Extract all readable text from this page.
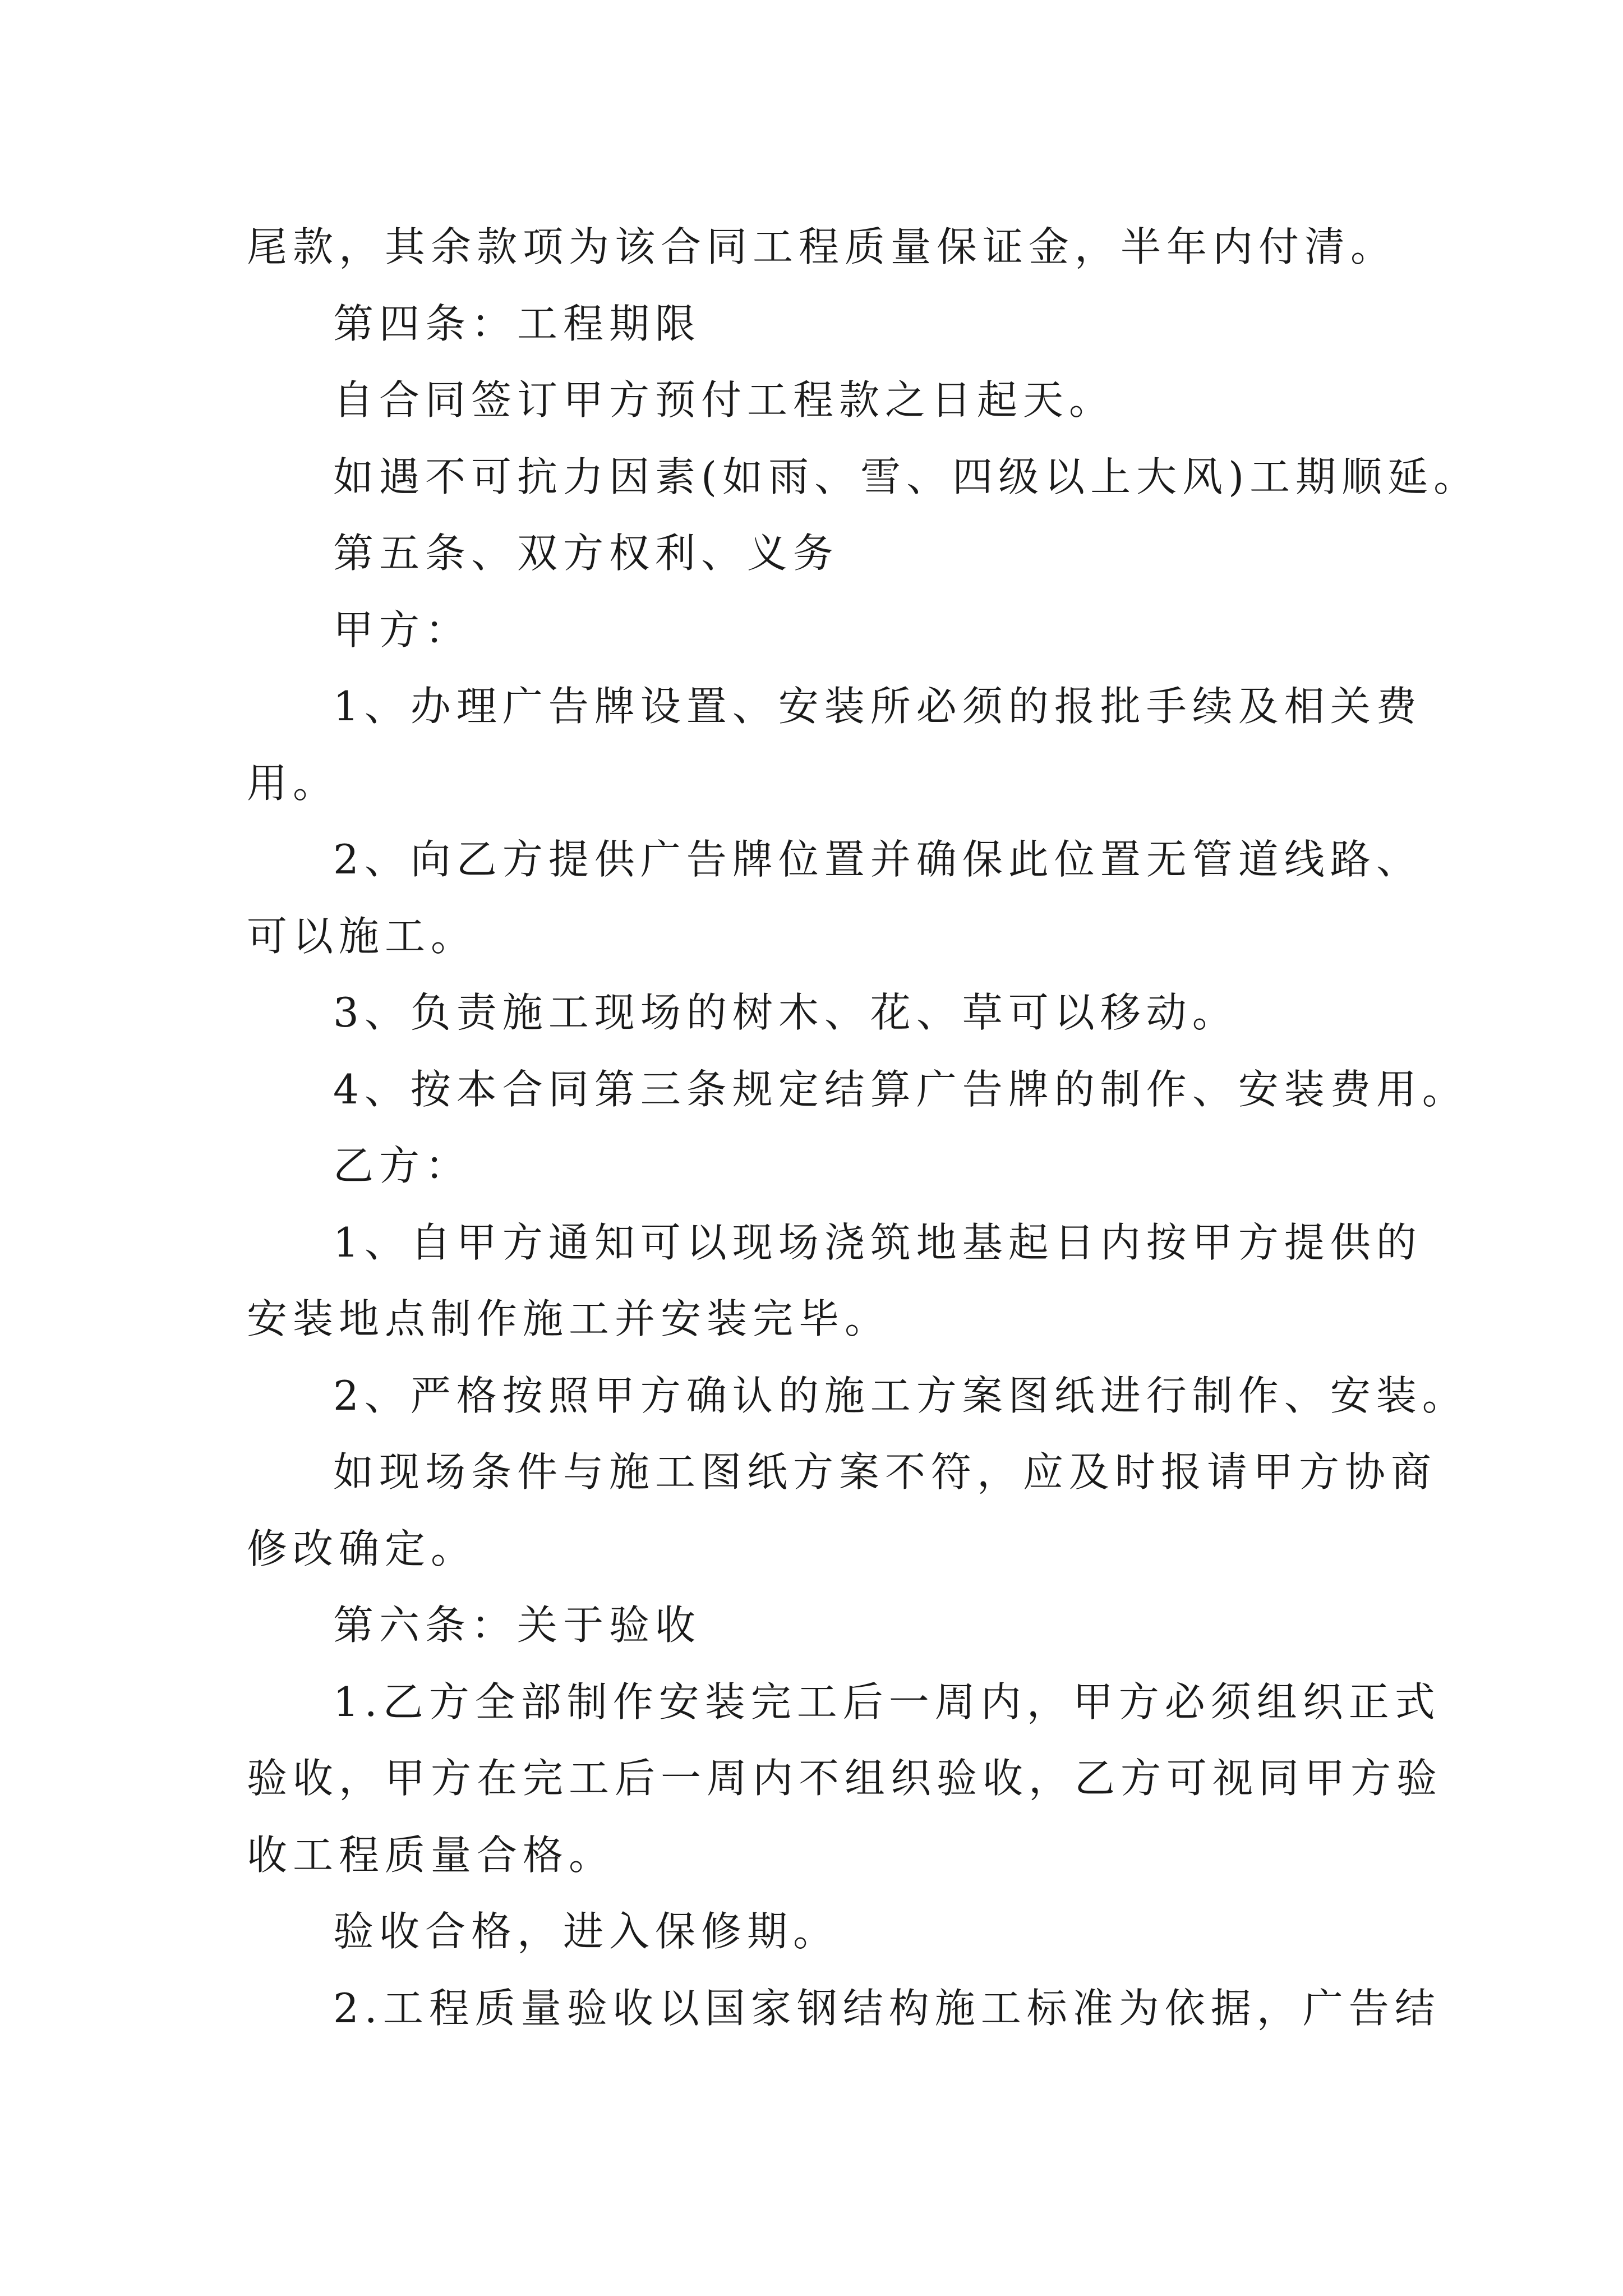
尾款，其余款项为该合同工程质量保证金，半年内付清。
第四条：工程期限
自合同签订甲方预付工程款之日起天。
如遇不可抗力因素(如雨、雪、四级以上大风)工期顺延。
第五条、双方权利、义务
甲方：
1、办理广告牌设置、安装所必须的报批手续及相关费
用。
2、向乙方提供广告牌位置并确保此位置无管道线路、
可以施工。
3、负责施工现场的树木、花、草可以移动。
4、按本合同第三条规定结算广告牌的制作、安装费用。
乙方：
1、自甲方通知可以现场浇筑地基起日内按甲方提供的
安装地点制作施工并安装完毕。
2、严格按照甲方确认的施工方案图纸进行制作、安装。
如现场条件与施工图纸方案不符，应及时报请甲方协商
修改确定。
第六条：关于验收
1.乙方全部制作安装完工后一周内，甲方必须组织正式
验收，甲方在完工后一周内不组织验收，乙方可视同甲方验
收工程质量合格。
验收合格，进入保修期。
2.工程质量验收以国家钢结构施工标准为依据，广告结
